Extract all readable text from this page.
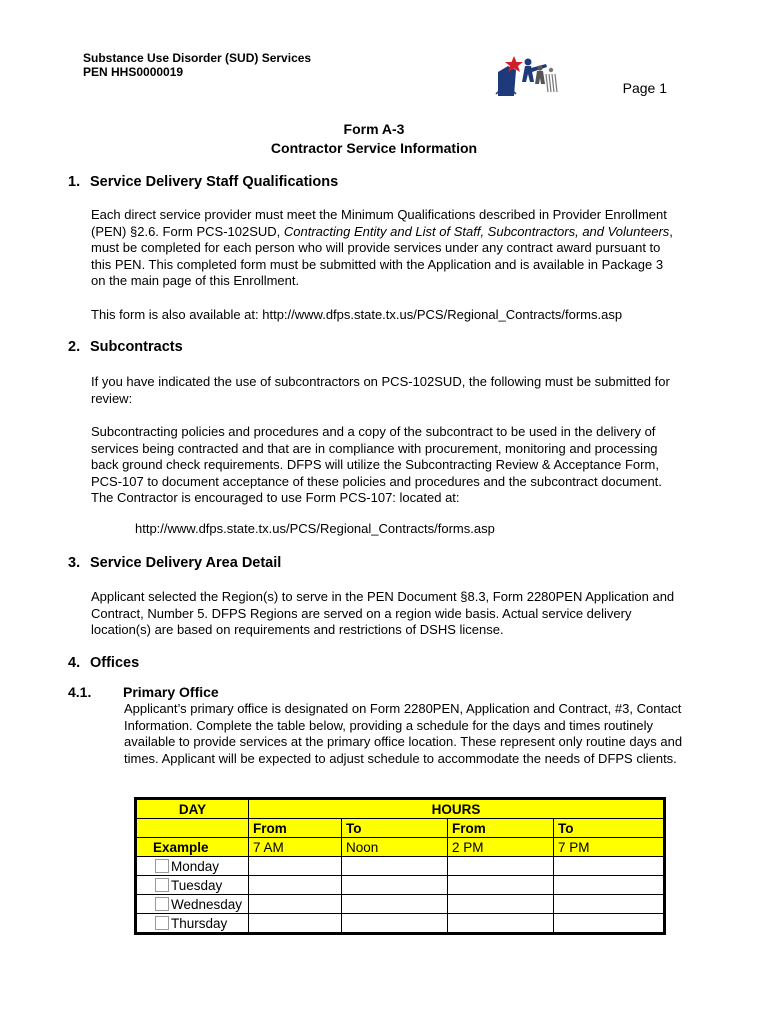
Substance Use Disorder (SUD) Services
PEN HHS0000019
Page 1
Form A-3
Contractor Service Information
1. Service Delivery Staff Qualifications

Each direct service provider must meet the Minimum Qualifications described in Provider Enrollment (PEN) §2.6. Form PCS-102SUD, Contracting Entity and List of Staff, Subcontractors, and Volunteers, must be completed for each person who will provide services under any contract award pursuant to this PEN. This completed form must be submitted with the Application and is available in Package 3 on the main page of this Enrollment.

This form is also available at: http://www.dfps.state.tx.us/PCS/Regional_Contracts/forms.asp

2. Subcontracts

If you have indicated the use of subcontractors on PCS-102SUD, the following must be submitted for review:

Subcontracting policies and procedures and a copy of the subcontract to be used in the delivery of services being contracted and that are in compliance with procurement, monitoring and processing back ground check requirements. DFPS will utilize the Subcontracting Review & Acceptance Form, PCS-107 to document acceptance of these policies and procedures and the subcontract document. The Contractor is encouraged to use Form PCS-107: located at:

http://www.dfps.state.tx.us/PCS/Regional_Contracts/forms.asp
3. Service Delivery Area Detail

Applicant selected the Region(s) to serve in the PEN Document §8.3, Form 2280PEN Application and Contract, Number 5. DFPS Regions are served on a region wide basis. Actual service delivery location(s) are based on requirements and restrictions of DSHS license.

4. Offices
4.1. Primary Office

Applicant’s primary office is designated on Form 2280PEN, Application and Contract, #3, Contact Information. Complete the table below, providing a schedule for the days and times routinely available to provide services at the primary office location. These represent only routine days and times. Applicant will be expected to adjust schedule to accommodate the needs of DFPS clients.

DAY	HOURS			
	From	To	From	To
Example	7 AM	Noon	2 PM	7 PM
Monday				
Tuesday				
Wednesday				
Thursday				
